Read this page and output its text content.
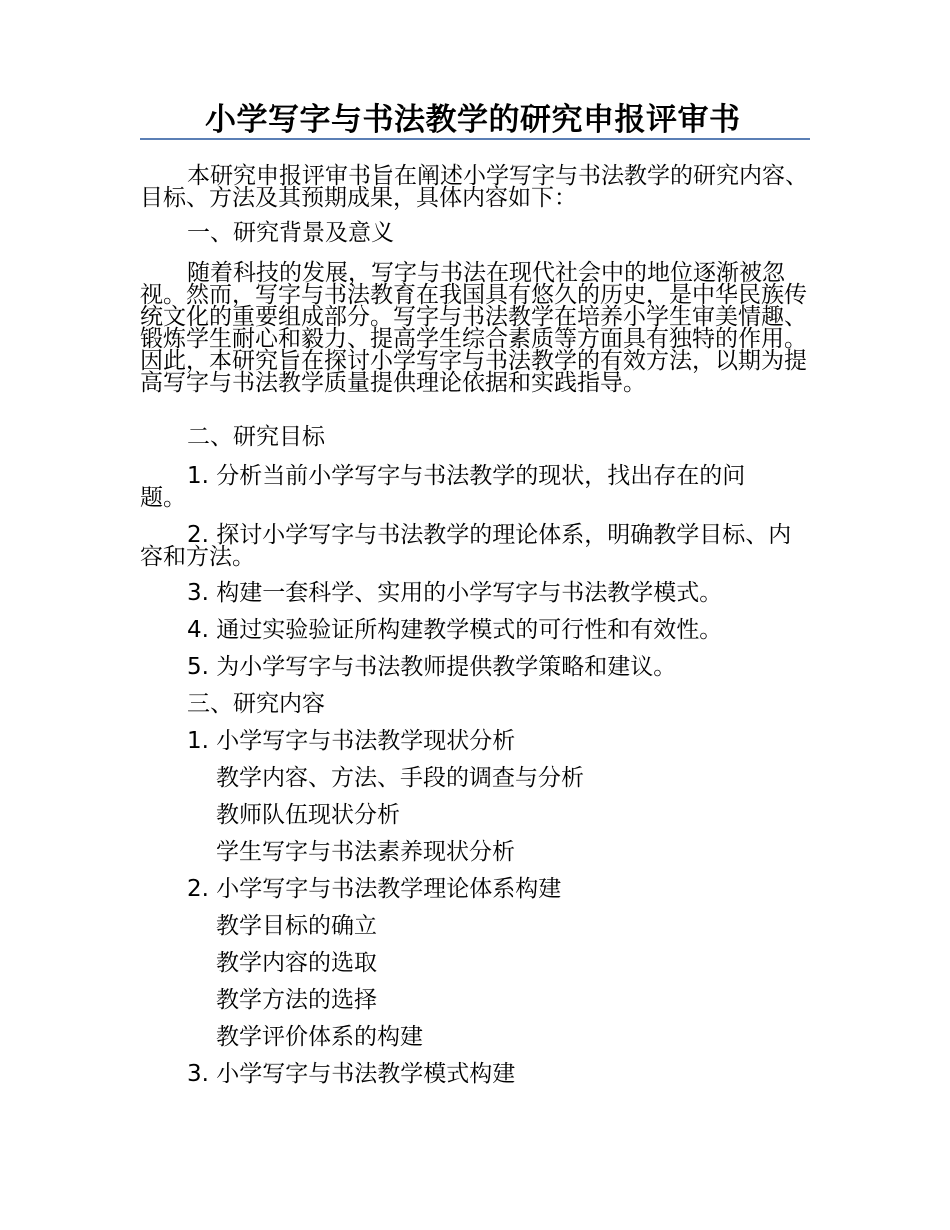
小学写字与书法教学的研究申报评审书
本研究申报评审书旨在阐述小学写字与书法教学的研究内容、目标、方法及其预期成果，具体内容如下：
一、研究背景及意义
随着科技的发展，写字与书法在现代社会中的地位逐渐被忽视。然而，写字与书法教育在我国具有悠久的历史，是中华民族传统文化的重要组成部分。写字与书法教学在培养小学生审美情趣、锻炼学生耐心和毅力、提高学生综合素质等方面具有独特的作用。因此，本研究旨在探讨小学写字与书法教学的有效方法，以期为提高写字与书法教学质量提供理论依据和实践指导。
二、研究目标
1. 分析当前小学写字与书法教学的现状，找出存在的问题。
2. 探讨小学写字与书法教学的理论体系，明确教学目标、内容和方法。
3. 构建一套科学、实用的小学写字与书法教学模式。
4. 通过实验验证所构建教学模式的可行性和有效性。
5. 为小学写字与书法教师提供教学策略和建议。
三、研究内容
1. 小学写字与书法教学现状分析
教学内容、方法、手段的调查与分析
教师队伍现状分析
学生写字与书法素养现状分析
2. 小学写字与书法教学理论体系构建
教学目标的确立
教学内容的选取
教学方法的选择
教学评价体系的构建
3. 小学写字与书法教学模式构建
